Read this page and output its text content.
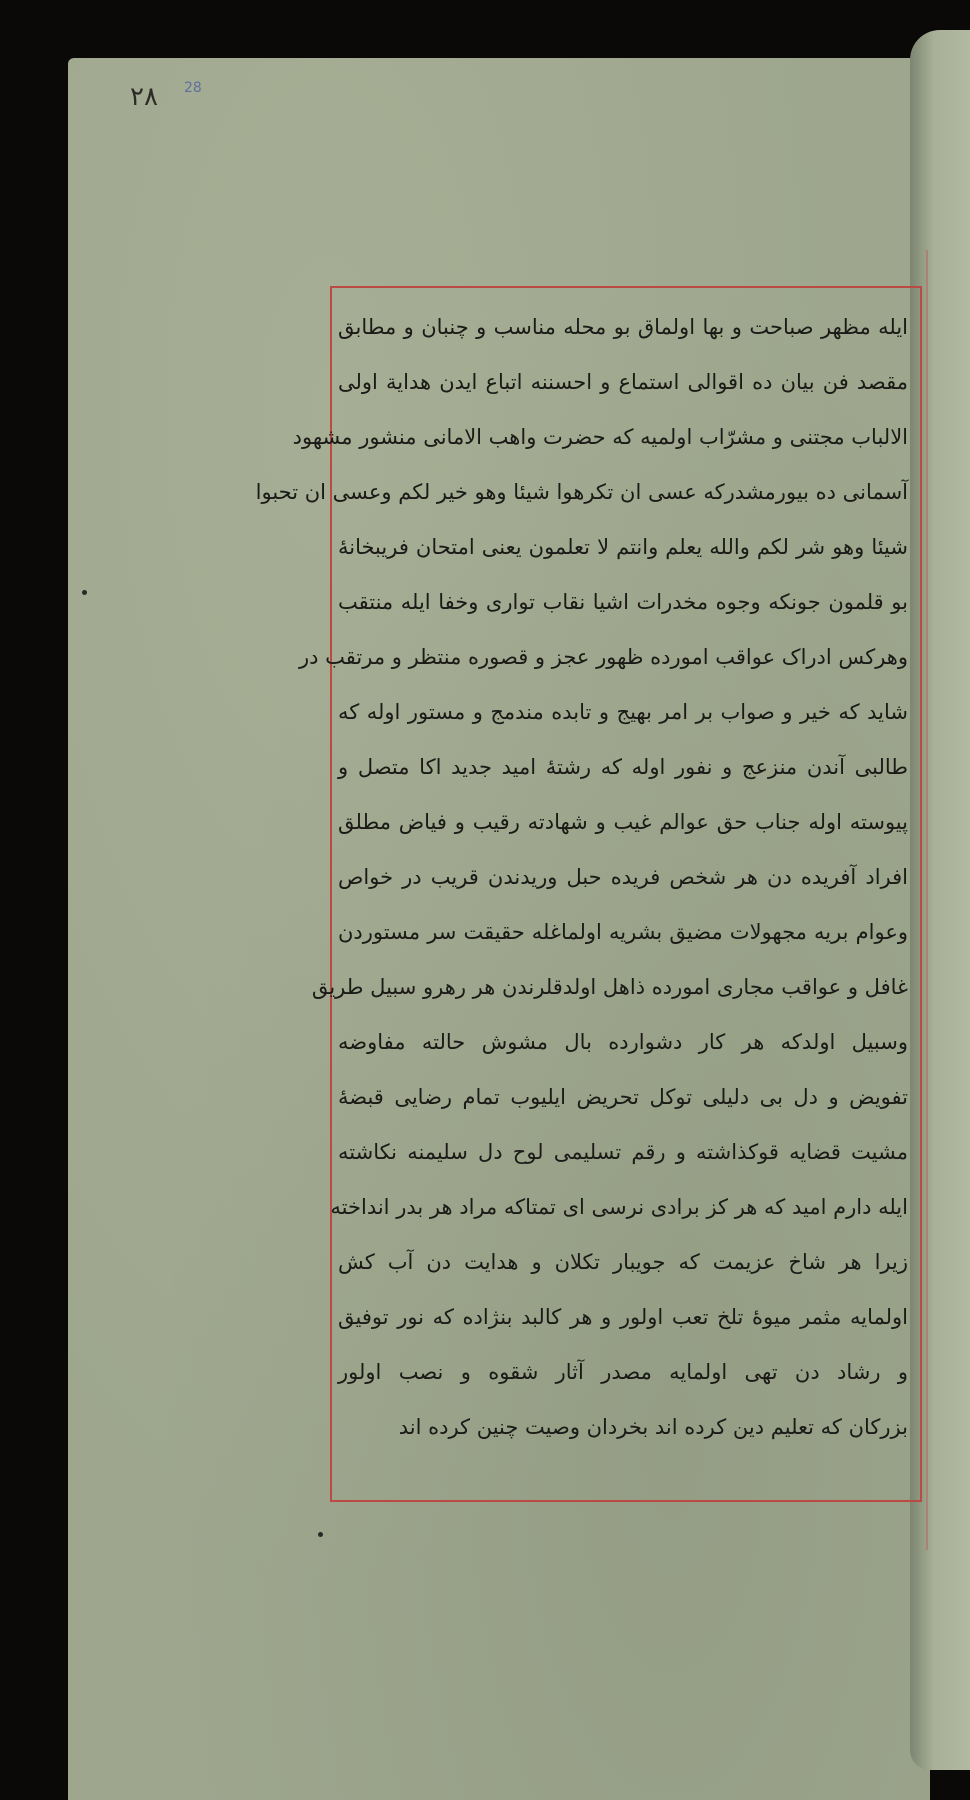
۲۸ 28
ایله مظهر صباحت و بها اولماق بو محله مناسب و چنبان و مطابق
مقصد فن بیان ده اقوالی استماع و احسننه اتباع ایدن هدایة اولی
الالباب مجتنی و مشرّاب اولمیه که حضرت واهب الامانی منشور مشهود
آسمانی ده بیورمشدرکه عسی ان تکرهوا شیئا وهو خیر لکم وعسی ان تحبوا
شیئا وهو شر لکم والله یعلم وانتم لا تعلمون یعنی امتحان فریبخانهٔ
بو قلمون جونکه وجوه مخدرات اشیا نقاب تواری وخفا ایله منتقب
وهرکس ادراک عواقب امورده ظهور عجز و قصوره منتظر و مرتقب در
شاید که خیر و صواب بر امر بهیج و تابده مندمج و مستور اوله که
طالبی آندن منزعج و نفور اوله که رشتهٔ امید جدید اکا متصل و
پیوسته اوله جناب حق عوالم غیب و شهادته رقیب و فیاض مطلق
افراد آفریده دن هر شخص فریده حبل وریدندن قریب در خواص
وعوام بریه مجهولات مضیق بشریه اولماغله حقیقت سر مستوردن
غافل و عواقب مجاری امورده ذاهل اولدقلرندن هر رهرو سبیل طریق
وسبیل اولدکه هر کار دشوارده بال مشوش حالته مفاوضه
تفویض و دل بی دلیلی توکل تحریض ایلیوب تمام رضایی قبضهٔ
مشیت قضایه قوکذاشته و رقم تسلیمی لوح دل سلیمنه نکاشته
ایله دارم امید که هر کز برادی نرسی ای تمتاکه مراد هر بدر انداخته
زیرا هر شاخ عزیمت که جویبار تکلان و هدایت دن آب کش
اولمایه مثمر میوهٔ تلخ تعب اولور و هر کالبد بنژاده که نور توفیق
و رشاد دن تهی اولمایه مصدر آثار شقوه و نصب اولور
بزرکان که تعلیم دین کرده اند بخردان وصیت چنین کرده اند
